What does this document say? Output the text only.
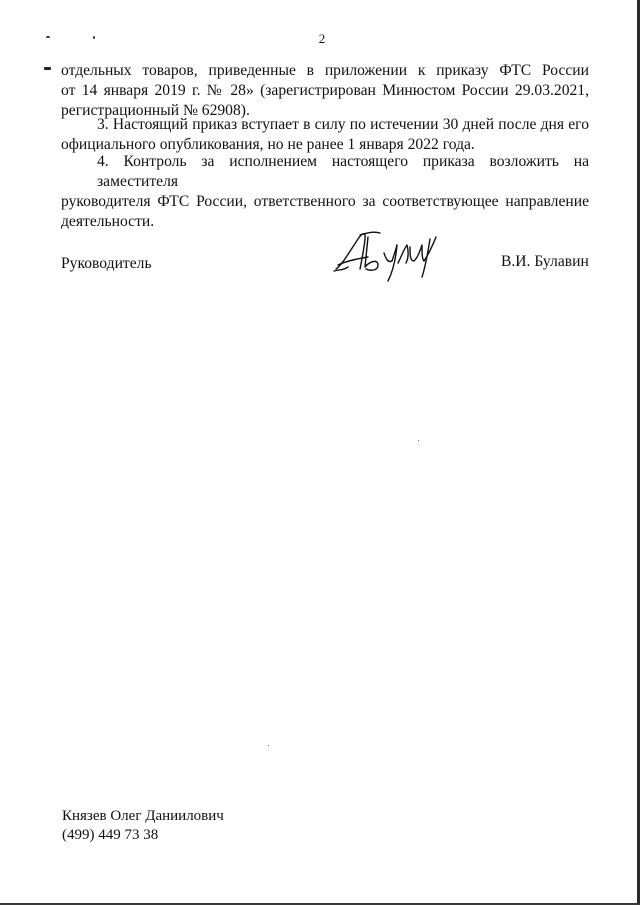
2
отдельных товаров, приведенные в приложении к приказу ФТС России
от 14 января 2019 г. № 28» (зарегистрирован Минюстом России 29.03.2021,
регистрационный № 62908).
3. Настоящий приказ вступает в силу по истечении 30 дней после дня его
официального опубликования, но не ранее 1 января 2022 года.
4. Контроль за исполнением настоящего приказа возложить на заместителя
руководителя ФТС России, ответственного за соответствующее направление
деятельности.
Руководитель	В.И. Булавин
Князев Олег Даниилович
(499) 449 73 38
